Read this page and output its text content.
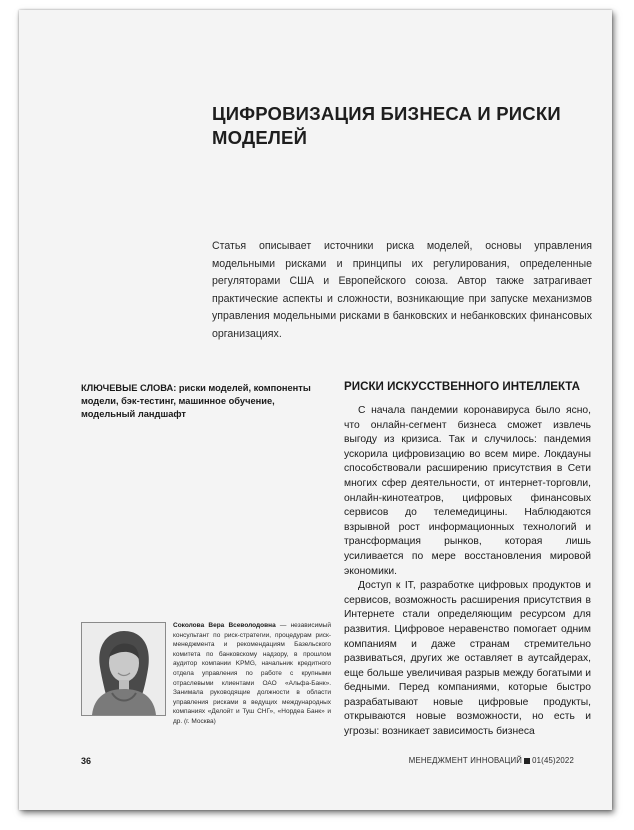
ЦИФРОВИЗАЦИЯ БИЗНЕСА И РИСКИ МОДЕЛЕЙ

Статья описывает источники риска моделей, основы управления модельными рисками и принципы их регулирования, определенные регуляторами США и Европейского союза. Автор также затрагивает практические аспекты и сложности, возникающие при запуске механизмов управления модельными рисками в банковских и небанковских финансовых организациях.

КЛЮЧЕВЫЕ СЛОВА: риски моделей, компоненты модели, бэк-тестинг, машинное обучение, модельный ландшафт

РИСКИ ИСКУССТВЕННОГО ИНТЕЛЛЕКТА

С начала пандемии коронавируса было ясно, что онлайн-сегмент бизнеса сможет извлечь выгоду из кризиса. Так и случилось: пандемия ускорила цифровизацию во всем мире. Локдауны способствовали расширению присутствия в Сети многих сфер деятельности, от интернет-торговли, онлайн-кинотеатров, цифровых финансовых сервисов до телемедицины. Наблюдаются взрывной рост информационных технологий и трансформация рынков, которая лишь усиливается по мере восстановления мировой экономики.

Доступ к IT, разработке цифровых продуктов и сервисов, возможность расширения присутствия в Интернете стали определяющим ресурсом для развития. Цифровое неравенство помогает одним компаниям и даже странам стремительно развиваться, других же оставляет в аутсайдерах, еще больше увеличивая разрыв между богатыми и бедными. Перед компаниями, которые быстро разрабатывают новые цифровые продукты, открываются новые возможности, но есть и угрозы: возникает зависимость бизнеса

Соколова Вера Всеволодовна — независимый консультант по риск-стратегии, процедурам риск-менеджмента и рекомендациям Базельского комитета по банковскому надзору, в прошлом аудитор компании KPMG, начальник кредитного отдела управления по работе с крупными отраслевыми клиентами ОАО «Альфа-Банк». Занимала руководящие должности в области управления рисками в ведущих международных компаниях «Делойт и Туш СНГ», «Нордеа Банк» и др. (г. Москва)

36	МЕНЕДЖМЕНТ ИННОВАЦИЙ 01(45)2022
